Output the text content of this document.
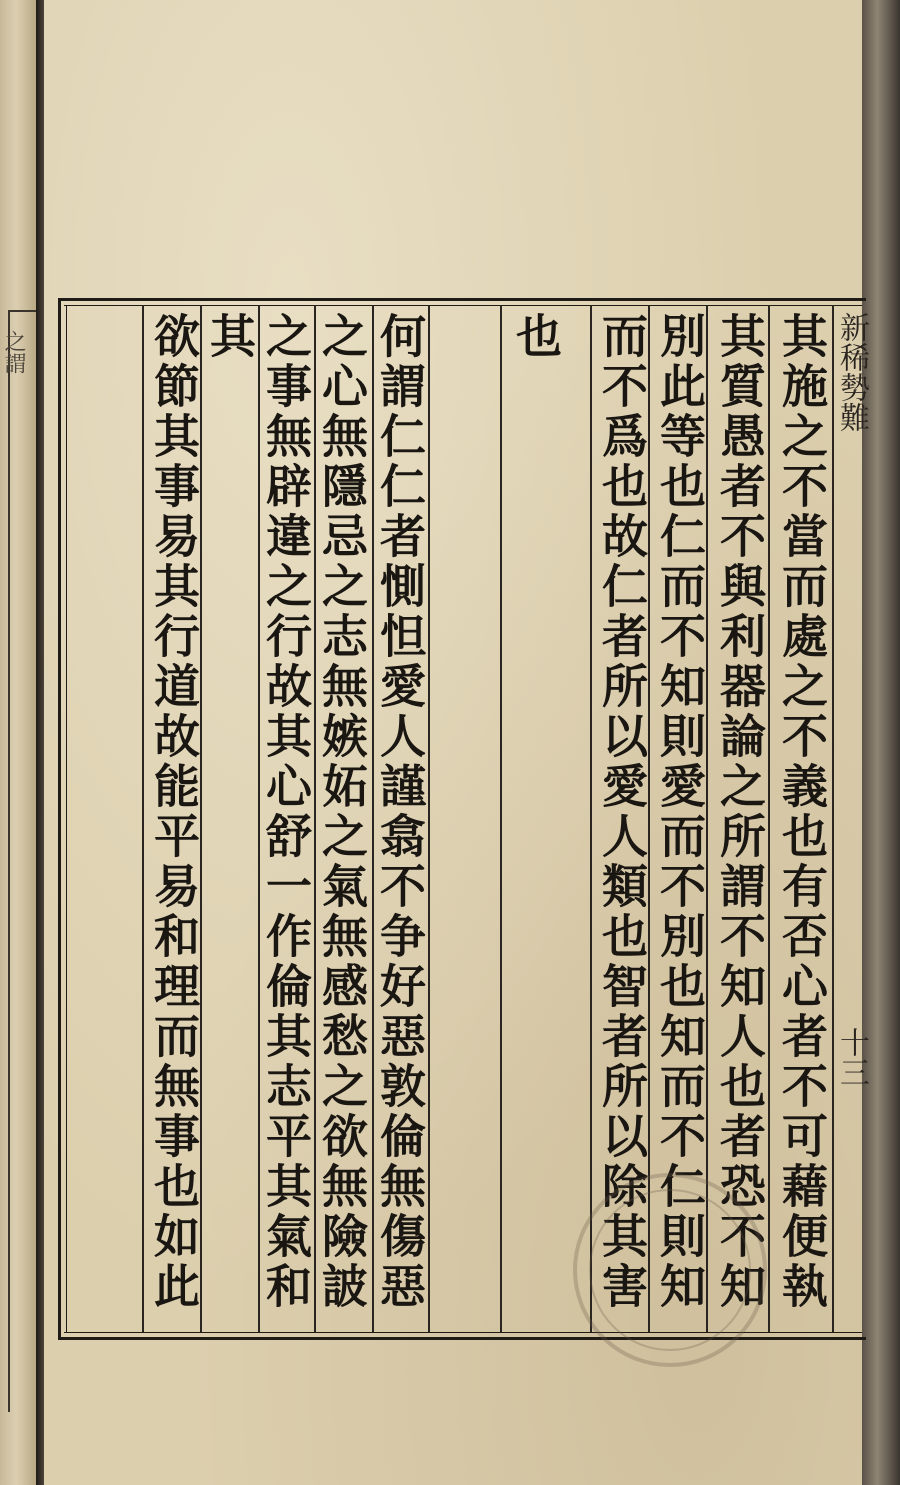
之謂	新稀勢難
十三
其施之不當而處之不義也有否心者不可藉便執
其質愚者不與利器論之所謂不知人也者恐不知
別此等也仁而不知則愛而不別也知而不仁則知
而不爲也故仁者所以愛人類也智者所以除其害
也
何謂仁仁者惻怛愛人謹翕不争好惡敦倫無傷惡
之心無隱忌之志無嫉妬之氣無感愁之欲無險詖
之事無辟違之行故其心舒一作倫其志平其氣和其
欲節其事易其行道故能平易和理而無事也如此
